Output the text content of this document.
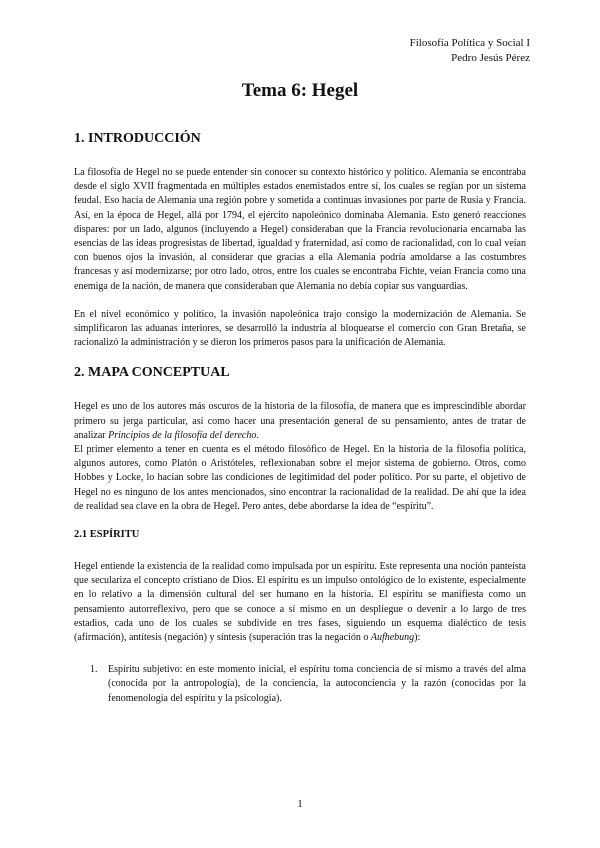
Filosofía Política y Social I
Pedro Jesús Pérez
Tema 6: Hegel
1. INTRODUCCIÓN

La filosofía de Hegel no se puede entender sin conocer su contexto histórico y político. Alemania se encontraba desde el siglo XVII fragmentada en múltiples estados enemistados entre sí, los cuales se regían por un sistema feudal. Eso hacía de Alemania una región pobre y sometida a continuas invasiones por parte de Rusia y Francia. Así, en la época de Hegel, allá por 1794, el ejército napoleónico dominaba Alemania. Esto generó reacciones dispares: por un lado, algunos (incluyendo a Hegel) consideraban que la Francia revolucionaria encarnaba las esencias de las ideas progresistas de libertad, igualdad y fraternidad, así como de racionalidad, con lo cual veían con buenos ojos la invasión, al considerar que gracias a ella Alemania podría amoldarse a las costumbres francesas y así modernizarse; por otro lado, otros, entre los cuales se encontraba Fichte, veían Francia como una enemiga de la nación, de manera que consideraban que Alemania no debía copiar sus vanguardias.

En el nivel económico y político, la invasión napoleónica trajo consigo la modernización de Alemania. Se simplificaron las aduanas interiores, se desarrolló la industria al bloquearse el comercio con Gran Bretaña, se racionalizó la administración y se dieron los primeros pasos para la unificación de Alemania.

2. MAPA CONCEPTUAL

Hegel es uno de los autores más oscuros de la historia de la filosofía, de manera que es imprescindible abordar primero su jerga particular, así como hacer una presentación general de su pensamiento, antes de tratar de analizar Principios de la filosofía del derecho.

El primer elemento a tener en cuenta es el método filosófico de Hegel. En la historia de la filosofía política, algunos autores, como Platón o Aristóteles, reflexionaban sobre el mejor sistema de gobierno. Otros, como Hobbes y Locke, lo hacían sobre las condiciones de legitimidad del poder político. Por su parte, el objetivo de Hegel no es ninguno de los antes mencionados, sino encontrar la racionalidad de la realidad. De ahí que la idea de realidad sea clave en la obra de Hegel. Pero antes, debe abordarse la idea de “espíritu”.

2.1 ESPÍRITU

Hegel entiende la existencia de la realidad como impulsada por un espíritu. Este representa una noción panteísta que seculariza el concepto cristiano de Dios. El espíritu es un impulso ontológico de lo existente, especialmente en lo relativo a la dimensión cultural del ser humano en la historia. El espíritu se manifiesta como un pensamiento autorreflexivo, pero que se conoce a sí mismo en un despliegue o devenir a lo largo de tres estadios, cada uno de los cuales se subdivide en tres fases, siguiendo un esquema dialéctico de tesis (afirmación), antítesis (negación) y síntesis (superación tras la negación o Aufhebung):

1. Espíritu subjetivo: en este momento inicial, el espíritu toma conciencia de sí mismo a través del alma (conocida por la antropología), de la conciencia, la autoconciencia y la razón (conocidas por la fenomenología del espíritu y la psicología).
1
